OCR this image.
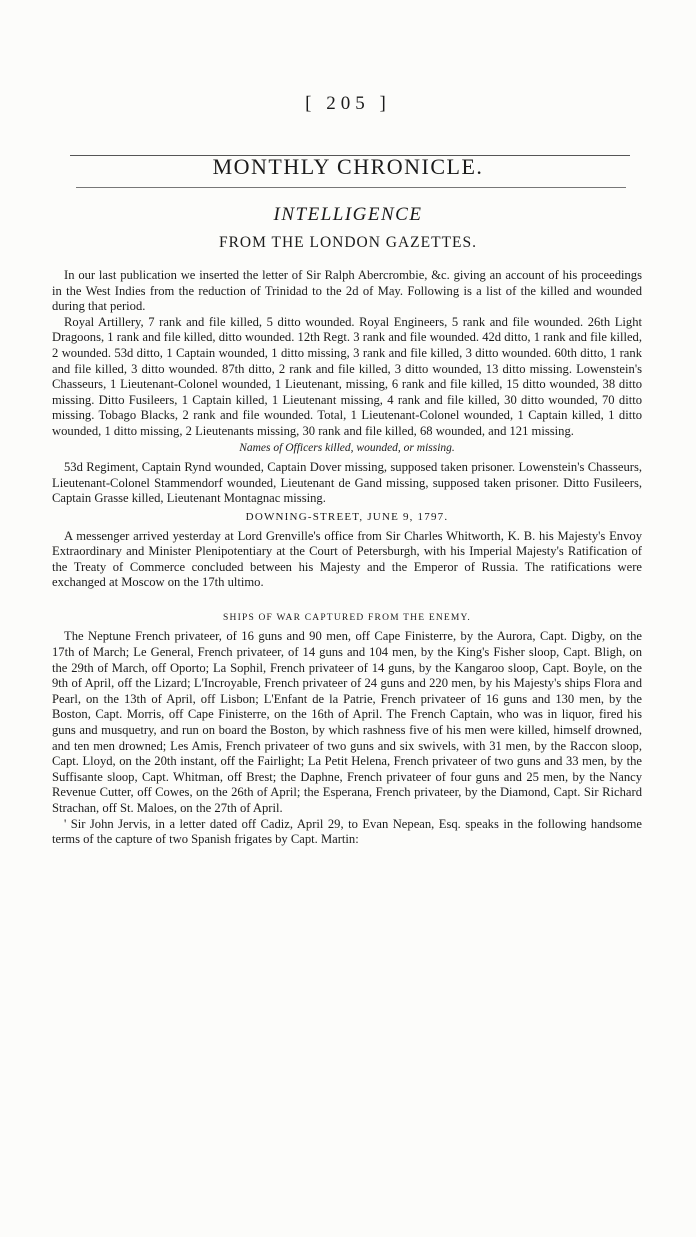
[ 205 ]
MONTHLY CHRONICLE.
INTELLIGENCE
FROM THE LONDON GAZETTES.

In our last publication we inserted the letter of Sir Ralph Abercrombie, &c. giving an account of his proceedings in the West Indies from the reduction of Trinidad to the 2d of May. Following is a list of the killed and wounded during that period.

Royal Artillery, 7 rank and file killed, 5 ditto wounded. Royal Engineers, 5 rank and file wounded. 26th Light Dragoons, 1 rank and file killed, ditto wounded. 12th Regt. 3 rank and file wounded. 42d ditto, 1 rank and file killed, 2 wounded. 53d ditto, 1 Captain wounded, 1 ditto missing, 3 rank and file killed, 3 ditto wounded. 60th ditto, 1 rank and file killed, 3 ditto wounded. 87th ditto, 2 rank and file killed, 3 ditto wounded, 13 ditto missing. Lowenstein's Chasseurs, 1 Lieutenant-Colonel wounded, 1 Lieutenant, missing, 6 rank and file killed, 15 ditto wounded, 38 ditto missing. Ditto Fusileers, 1 Captain killed, 1 Lieutenant missing, 4 rank and file killed, 30 ditto wounded, 70 ditto missing. Tobago Blacks, 2 rank and file wounded. Total, 1 Lieutenant-Colonel wounded, 1 Captain killed, 1 ditto wounded, 1 ditto missing, 2 Lieutenants missing, 30 rank and file killed, 68 wounded, and 121 missing.

Names of Officers killed, wounded, or missing.

53d Regiment, Captain Rynd wounded, Captain Dover missing, supposed taken prisoner. Lowenstein's Chasseurs, Lieutenant-Colonel Stammendorf wounded, Lieutenant de Gand missing, supposed taken prisoner. Ditto Fusileers, Captain Grasse killed, Lieutenant Montagnac missing.

DOWNING-STREET, JUNE 9, 1797.

A messenger arrived yesterday at Lord Grenville's office from Sir Charles Whitworth, K. B. his Majesty's Envoy Extraordinary and Minister Plenipotentiary at the Court of Petersburgh, with his Imperial Majesty's Ratification of the Treaty of Commerce concluded between his Majesty and the Emperor of Russia. The ratifications were exchanged at Moscow on the 17th ultimo.

SHIPS OF WAR CAPTURED FROM THE ENEMY.

The Neptune French privateer, of 16 guns and 90 men, off Cape Finisterre, by the Aurora, Capt. Digby, on the 17th of March; Le General, French privateer, of 14 guns and 104 men, by the King's Fisher sloop, Capt. Bligh, on the 29th of March, off Oporto; La Sophil, French privateer of 14 guns, by the Kangaroo sloop, Capt. Boyle, on the 9th of April, off the Lizard; L'Incroyable, French privateer of 24 guns and 220 men, by his Majesty's ships Flora and Pearl, on the 13th of April, off Lisbon; L'Enfant de la Patrie, French privateer of 16 guns and 130 men, by the Boston, Capt. Morris, off Cape Finisterre, on the 16th of April. The French Captain, who was in liquor, fired his guns and musquetry, and run on board the Boston, by which rashness five of his men were killed, himself drowned, and ten men drowned; Les Amis, French privateer of two guns and six swivels, with 31 men, by the Raccon sloop, Capt. Lloyd, on the 20th instant, off the Fairlight; La Petit Helena, French privateer of two guns and 33 men, by the Suffisante sloop, Capt. Whitman, off Brest; the Daphne, French privateer of four guns and 25 men, by the Nancy Revenue Cutter, off Cowes, on the 26th of April; the Esperana, French privateer, by the Diamond, Capt. Sir Richard Strachan, off St. Maloes, on the 27th of April.

' Sir John Jervis, in a letter dated off Cadiz, April 29, to Evan Nepean, Esq. speaks in the following handsome terms of the capture of two Spanish frigates by Capt. Martin:
